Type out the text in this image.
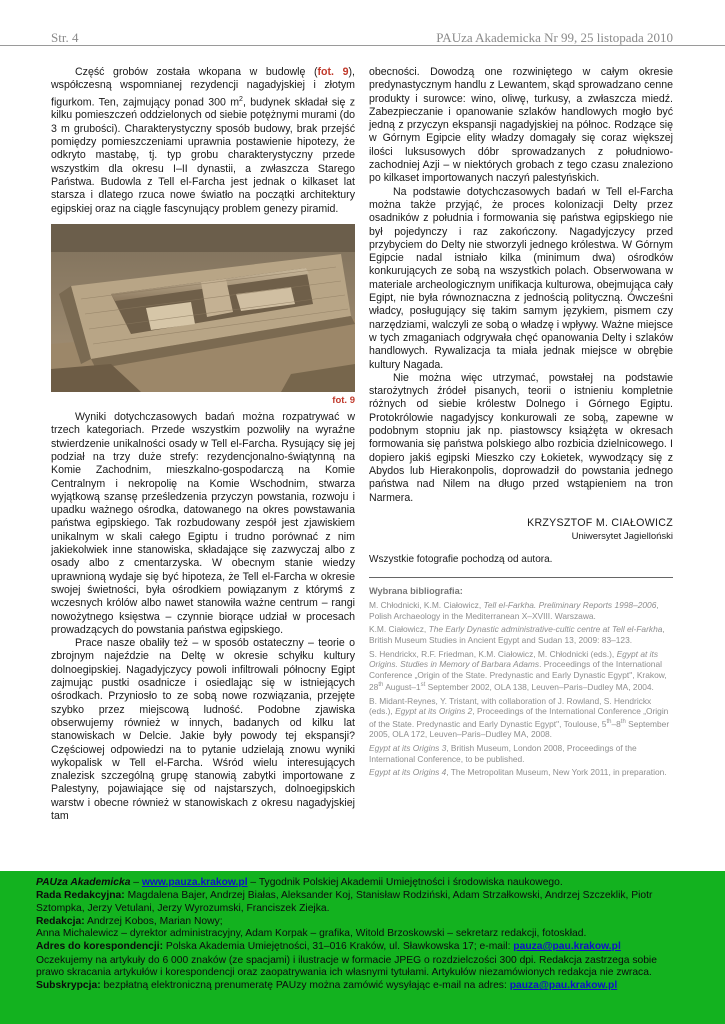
Str. 4	PAUza Akademicka Nr 99, 25 listopada 2010

Część grobów została wkopana w budowlę (fot. 9), współczesną wspomnianej rezydencji nagadyjskiej i złotym figurkom. Ten, zajmujący ponad 300 $m^2$, budynek składał się z kilku pomieszczeń oddzielonych od siebie potężnymi murami (do 3 m grubości). Charakterystyczny sposób budowy, brak przejść pomiędzy pomieszczeniami uprawnia postawienie hipotezy, że odkryto mastabę, tj. typ grobu charakterystyczny przede wszystkim dla okresu I–II dynastii, a zwłaszcza Starego Państwa. Budowla z Tell el-Farcha jest jednak o kilkaset lat starsza i dlatego rzuca nowe światło na początki architektury egipskiej oraz na ciągle fascynujący problem genezy piramid.

fot. 9

Wyniki dotychczasowych badań można rozpatrywać w trzech kategoriach. Przede wszystkim pozwoliły na wyraźne stwierdzenie unikalności osady w Tell el-Farcha. Rysujący się jej podział na trzy duże strefy: rezydencjonalno-świątynną na Komie Zachodnim, mieszkalno-gospodarczą na Komie Centralnym i nekropolię na Komie Wschodnim, stwarza wyjątkową szansę prześledzenia przyczyn powstania, rozwoju i upadku ważnego ośrodka, datowanego na okres powstawania państwa egipskiego. Tak rozbudowany zespół jest zjawiskiem unikalnym w skali całego Egiptu i trudno porównać z nim jakiekolwiek inne stanowiska, składające się zazwyczaj albo z osady albo z cmentarzyska. W obecnym stanie wiedzy uprawnioną wydaje się być hipoteza, że Tell el-Farcha w okresie swojej świetności, była ośrodkiem powiązanym z którymś z wczesnych królów albo nawet stanowiła ważne centrum – rangi nowożytnego księstwa – czynnie biorące udział w procesach prowadzących do powstania państwa egipskiego.

Prace nasze obaliły też – w sposób ostateczny – teorie o zbrojnym najeździe na Deltę w okresie schyłku kultury dolnoegipskiej. Nagadyjczycy powoli infiltrowali północny Egipt zajmując pustki osadnicze i osiedlając się w istniejących ośrodkach. Przyniosło to ze sobą nowe rozwiązania, przejęte szybko przez miejscową ludność. Podobne zjawiska obserwujemy również w innych, badanych od kilku lat stanowiskach w Delcie. Jakie były powody tej ekspansji? Częściowej odpowiedzi na to pytanie udzielają znowu wyniki wykopalisk w Tell el-Farcha. Wśród wielu interesujących znalezisk szczególną grupę stanowią zabytki importowane z Palestyny, pojawiające się od najstarszych, dolnoegipskich warstw i obecne również w stanowiskach z okresu nagadyjskiej tam

obecności. Dowodzą one rozwiniętego w całym okresie predynastycznym handlu z Lewantem, skąd sprowadzano cenne produkty i surowce: wino, oliwę, turkusy, a zwłaszcza miedź. Zabezpieczanie i opanowanie szlaków handlowych mogło być jedną z przyczyn ekspansji nagadyjskiej na północ. Rodzące się w Górnym Egipcie elity władzy domagały się coraz większej ilości luksusowych dóbr sprowadzanych z południowo-zachodniej Azji – w niektórych grobach z tego czasu znaleziono po kilkaset importowanych naczyń palestyńskich.

Na podstawie dotychczasowych badań w Tell el-Farcha można także przyjąć, że proces kolonizacji Delty przez osadników z południa i formowania się państwa egipskiego nie był pojedynczy i raz zakończony. Nagadyjczycy przed przybyciem do Delty nie stworzyli jednego królestwa. W Górnym Egipcie nadal istniało kilka (minimum dwa) ośrodków konkurujących ze sobą na wszystkich polach. Obserwowana w materiale archeologicznym unifikacja kulturowa, obejmująca cały Egipt, nie była równoznaczna z jednością polityczną. Ówcześni władcy, posługujący się takim samym językiem, pismem czy narzędziami, walczyli ze sobą o władzę i wpływy. Ważne miejsce w tych zmaganiach odgrywała chęć opanowania Delty i szlaków handlowych. Rywalizacja ta miała jednak miejsce w obrębie kultury Nagada.

Nie można więc utrzymać, powstałej na podstawie starożytnych źródeł pisanych, teorii o istnieniu kompletnie różnych od siebie królestw Dolnego i Górnego Egiptu. Protokrólowie nagadyjscy konkurowali ze sobą, zapewne w podobnym stopniu jak np. piastowscy książęta w okresach formowania się państwa polskiego albo rozbicia dzielnicowego. I dopiero jakiś egipski Mieszko czy Łokietek, wywodzący się z Abydos lub Hierakonpolis, doprowadził do powstania jednego państwa nad Nilem na długo przed wstąpieniem na tron Narmera.

KRZYSZTOF M. CIAŁOWICZ
Uniwersytet Jagielloński
Wszystkie fotografie pochodzą od autora.
Wybrana bibliografia:
M. Chłodnicki, K.M. Ciałowicz, Tell el-Farkha. Preliminary Reports 1998–2006, Polish Archaeology in the Mediterranean X–XVIII. Warszawa.
K.M. Ciałowicz, The Early Dynastic administrative-cultic centre at Tell el-Farkha, British Museum Studies in Ancient Egypt and Sudan 13, 2009: 83–123.
S. Hendrickx, R.F. Friedman, K.M. Ciałowicz, M. Chłodnicki (eds.), Egypt at its Origins. Studies in Memory of Barbara Adams. Proceedings of the International Conference „Origin of the State. Predynastic and Early Dynastic Egypt", Krakow, 28th August–1st September 2002, OLA 138, Leuven–Paris–Dudley MA, 2004.
B. Midant-Reynes, Y. Tristant, with collaboration of J. Rowland, S. Hendrickx (eds.), Egypt at its Origins 2, Proceedings of the International Conference „Origin of the State. Predynastic and Early Dynastic Egypt", Toulouse, 5th–8th September 2005, OLA 172, Leuven–Paris–Dudley MA, 2008.
Egypt at its Origins 3, British Museum, London 2008, Proceedings of the International Conference, to be published.
Egypt at its Origins 4, The Metropolitan Museum, New York 2011, in preparation.

PAUza Akademicka – www.pauza.krakow.pl – Tygodnik Polskiej Akademii Umiejętności i środowiska naukowego.

Rada Redakcyjna: Magdalena Bajer, Andrzej Białas, Aleksander Koj, Stanisław Rodziński, Adam Strzałkowski, Andrzej Szczeklik, Piotr Sztompka, Jerzy Vetulani, Jerzy Wyrozumski, Franciszek Ziejka.

Redakcja: Andrzej Kobos, Marian Nowy;
Anna Michalewicz – dyrektor administracyjny, Adam Korpak – grafika, Witold Brzoskowski – sekretarz redakcji, fotoskład.

Adres do korespondencji: Polska Akademia Umiejętności, 31–016 Kraków, ul. Sławkowska 17; e-mail: pauza@pau.krakow.pl

Oczekujemy na artykuły do 6 000 znaków (ze spacjami) i ilustracje w formacie JPEG o rozdzielczości 300 dpi. Redakcja zastrzega sobie prawo skracania artykułów i korespondencji oraz zaopatrywania ich własnymi tytułami. Artykułów niezamówionych redakcja nie zwraca.

Subskrypcja: bezpłatną elektroniczną prenumeratę PAUzy można zamówić wysyłając e-mail na adres: pauza@pau.krakow.pl
